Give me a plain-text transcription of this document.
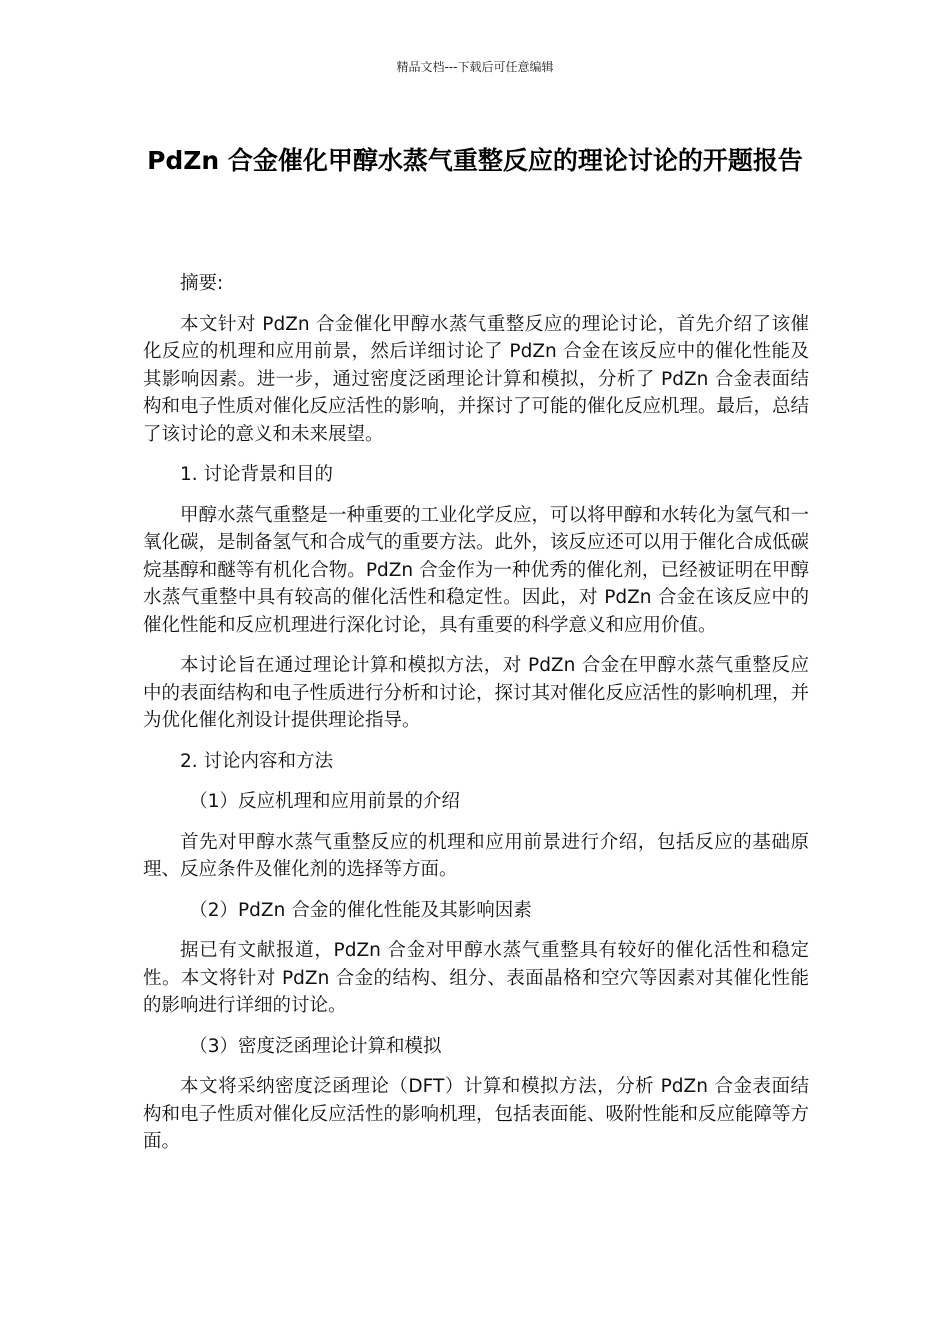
精品文档---下载后可任意编辑
PdZn 合金催化甲醇水蒸气重整反应的理论讨论的开题报告

摘要:

本文针对 PdZn 合金催化甲醇水蒸气重整反应的理论讨论，首先介绍了该催化反应的机理和应用前景，然后详细讨论了 PdZn 合金在该反应中的催化性能及其影响因素。进一步，通过密度泛函理论计算和模拟，分析了 PdZn 合金表面结构和电子性质对催化反应活性的影响，并探讨了可能的催化反应机理。最后，总结了该讨论的意义和未来展望。

1. 讨论背景和目的

甲醇水蒸气重整是一种重要的工业化学反应，可以将甲醇和水转化为氢气和一氧化碳，是制备氢气和合成气的重要方法。此外，该反应还可以用于催化合成低碳烷基醇和醚等有机化合物。PdZn 合金作为一种优秀的催化剂，已经被证明在甲醇水蒸气重整中具有较高的催化活性和稳定性。因此，对 PdZn 合金在该反应中的催化性能和反应机理进行深化讨论，具有重要的科学意义和应用价值。

本讨论旨在通过理论计算和模拟方法，对 PdZn 合金在甲醇水蒸气重整反应中的表面结构和电子性质进行分析和讨论，探讨其对催化反应活性的影响机理，并为优化催化剂设计提供理论指导。

2. 讨论内容和方法

（1）反应机理和应用前景的介绍

首先对甲醇水蒸气重整反应的机理和应用前景进行介绍，包括反应的基础原理、反应条件及催化剂的选择等方面。

（2）PdZn 合金的催化性能及其影响因素

据已有文献报道，PdZn 合金对甲醇水蒸气重整具有较好的催化活性和稳定性。本文将针对 PdZn 合金的结构、组分、表面晶格和空穴等因素对其催化性能的影响进行详细的讨论。

（3）密度泛函理论计算和模拟

本文将采纳密度泛函理论（DFT）计算和模拟方法，分析 PdZn 合金表面结构和电子性质对催化反应活性的影响机理，包括表面能、吸附性能和反应能障等方面。
